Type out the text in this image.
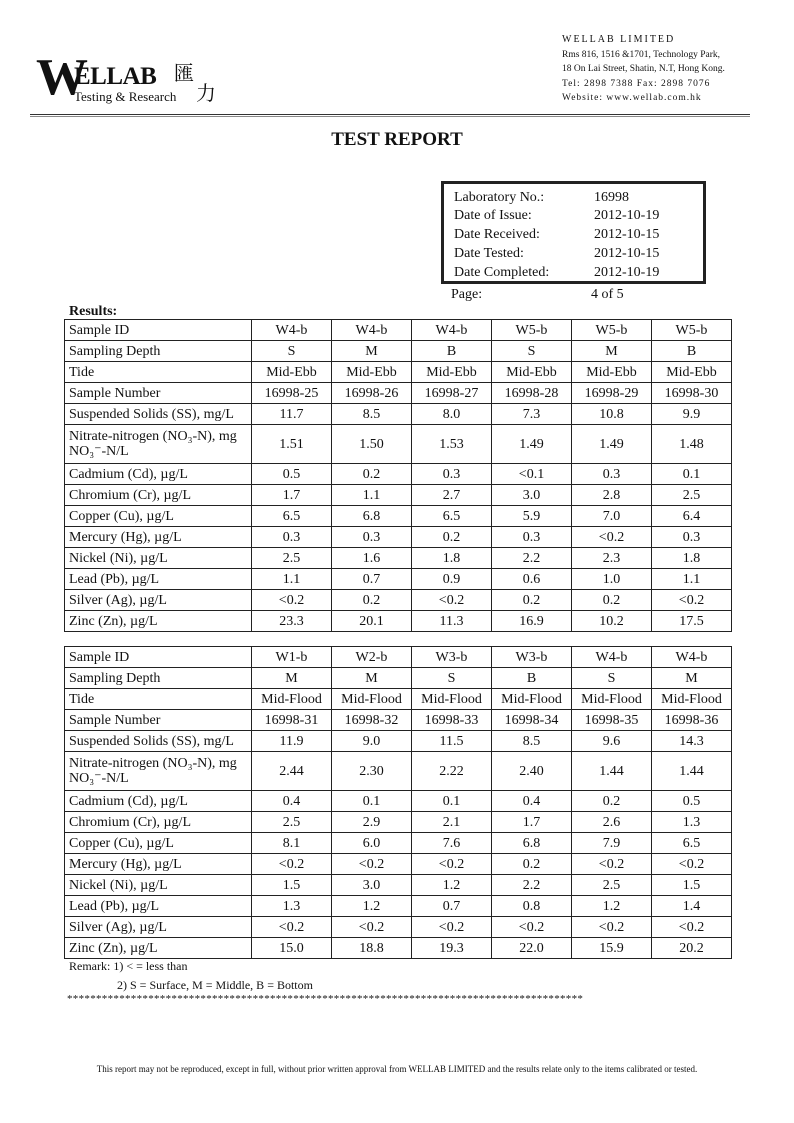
W
ELLAB
Testing & Research
匯
力
WELLAB LIMITED
Rms 816, 1516 &1701, Technology Park,
18 On Lai Street, Shatin, N.T, Hong Kong.
Tel: 2898 7388 Fax: 2898 7076
Website: www.wellab.com.hk
TEST REPORT
Laboratory No.:	16998
Date of Issue:	2012-10-19
Date Received:	2012-10-15
Date Tested:	2012-10-15
Date Completed:	2012-10-19
Page:	4 of 5
Results:
Sample ID	W4-b	W4-b	W4-b	W5-b	W5-b	W5-b
Sampling Depth	S	M	B	S	M	B
Tide	Mid-Ebb	Mid-Ebb	Mid-Ebb	Mid-Ebb	Mid-Ebb	Mid-Ebb
Sample Number	16998-25	16998-26	16998-27	16998-28	16998-29	16998-30
Suspended Solids (SS), mg/L	11.7	8.5	8.0	7.3	10.8	9.9
Nitrate-nitrogen (NO₃-N), mg NO₃⁻-N/L	1.51	1.50	1.53	1.49	1.49	1.48
Cadmium (Cd), µg/L	0.5	0.2	0.3	<0.1	0.3	0.1
Chromium (Cr), µg/L	1.7	1.1	2.7	3.0	2.8	2.5
Copper (Cu), µg/L	6.5	6.8	6.5	5.9	7.0	6.4
Mercury (Hg), µg/L	0.3	0.3	0.2	0.3	<0.2	0.3
Nickel (Ni), µg/L	2.5	1.6	1.8	2.2	2.3	1.8
Lead (Pb), µg/L	1.1	0.7	0.9	0.6	1.0	1.1
Silver (Ag), µg/L	<0.2	0.2	<0.2	0.2	0.2	<0.2
Zinc (Zn), µg/L	23.3	20.1	11.3	16.9	10.2	17.5
Sample ID	W1-b	W2-b	W3-b	W3-b	W4-b	W4-b
Sampling Depth	M	M	S	B	S	M
Tide	Mid-Flood	Mid-Flood	Mid-Flood	Mid-Flood	Mid-Flood	Mid-Flood
Sample Number	16998-31	16998-32	16998-33	16998-34	16998-35	16998-36
Suspended Solids (SS), mg/L	11.9	9.0	11.5	8.5	9.6	14.3
Nitrate-nitrogen (NO₃-N), mg NO₃⁻-N/L	2.44	2.30	2.22	2.40	1.44	1.44
Cadmium (Cd), µg/L	0.4	0.1	0.1	0.4	0.2	0.5
Chromium (Cr), µg/L	2.5	2.9	2.1	1.7	2.6	1.3
Copper (Cu), µg/L	8.1	6.0	7.6	6.8	7.9	6.5
Mercury (Hg), µg/L	<0.2	<0.2	<0.2	0.2	<0.2	<0.2
Nickel (Ni), µg/L	1.5	3.0	1.2	2.2	2.5	1.5
Lead (Pb), µg/L	1.3	1.2	0.7	0.8	1.2	1.4
Silver (Ag), µg/L	<0.2	<0.2	<0.2	<0.2	<0.2	<0.2
Zinc (Zn), µg/L	15.0	18.8	19.3	22.0	15.9	20.2
Remark: 1) < = less than
2) S = Surface, M = Middle, B = Bottom
*****************************************************************************************
This report may not be reproduced, except in full, without prior written approval from WELLAB LIMITED and the results relate only to the items calibrated or tested.
